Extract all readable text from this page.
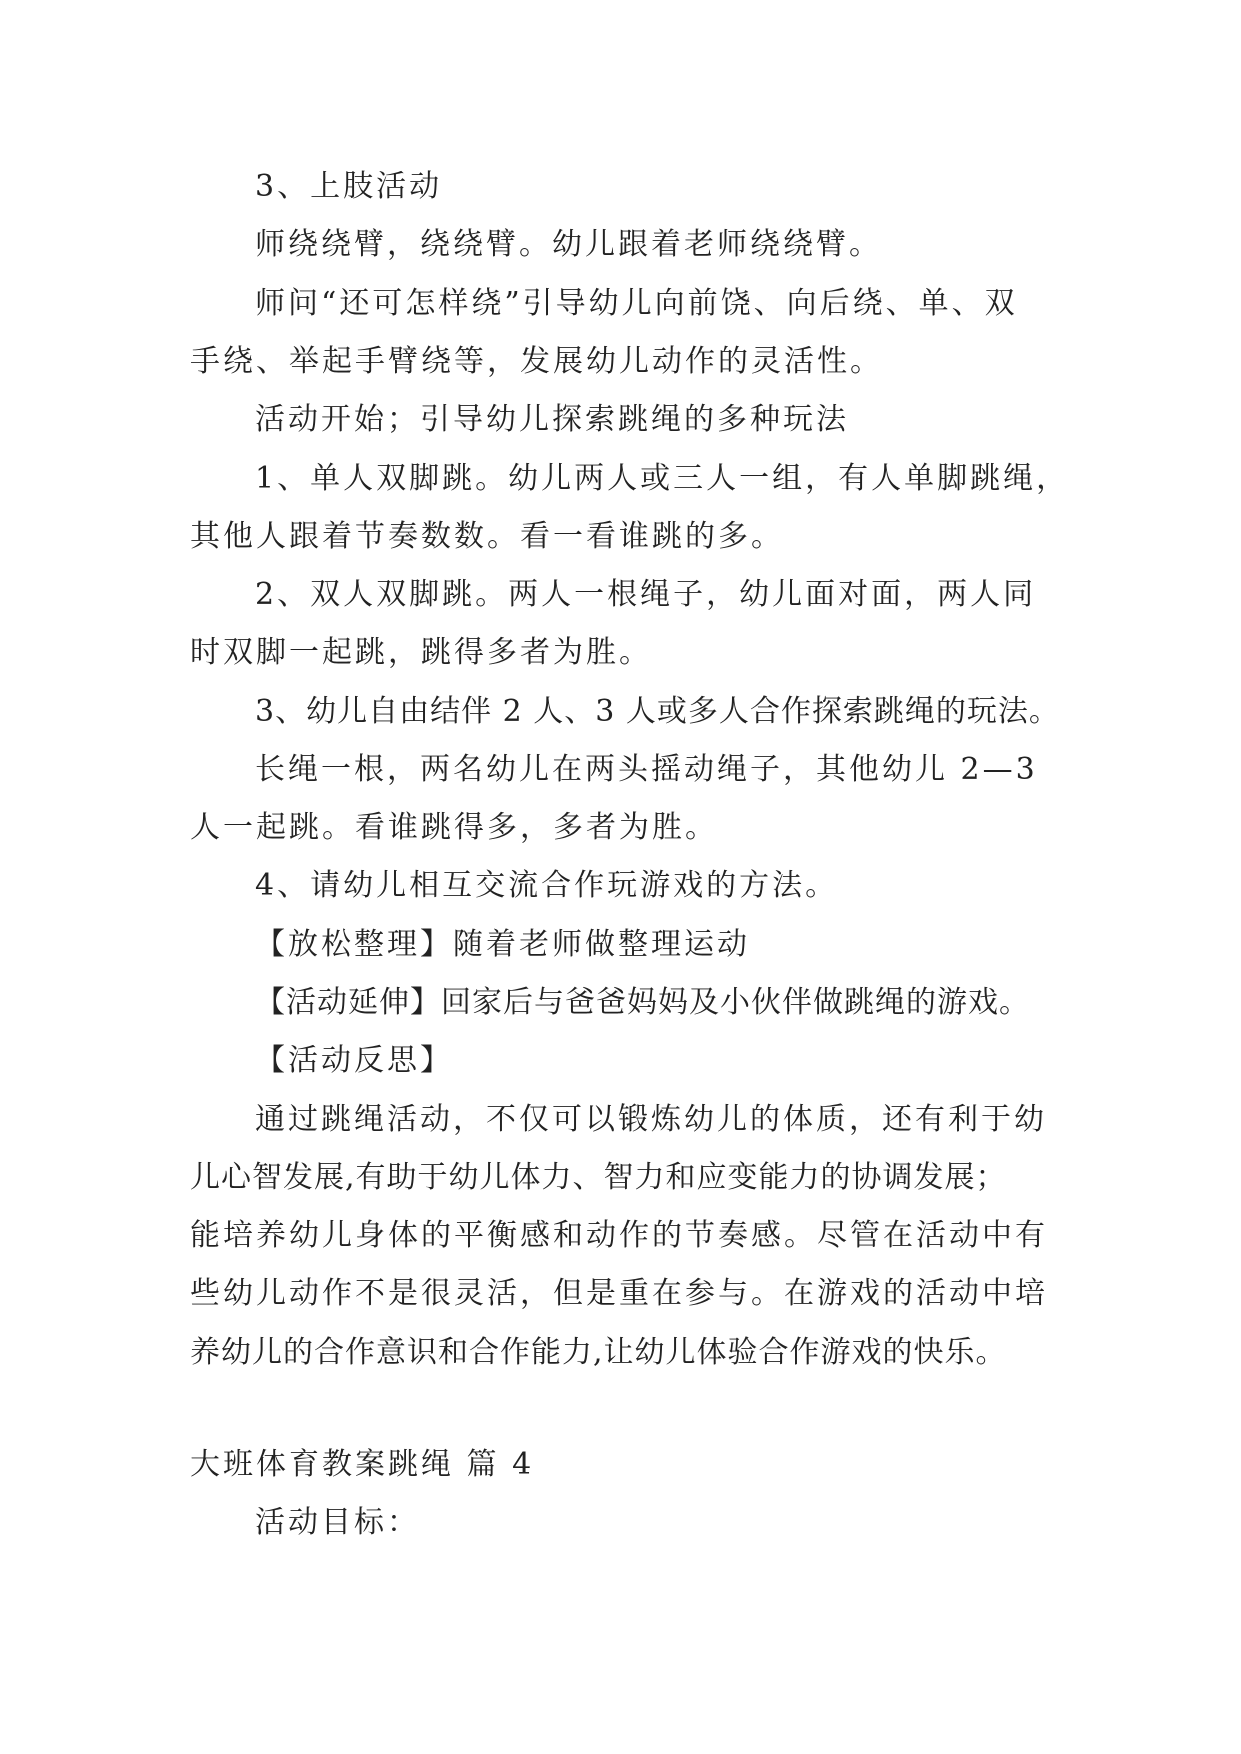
3、上肢活动
师绕绕臂，绕绕臂。幼儿跟着老师绕绕臂。
师问“还可怎样绕”引导幼儿向前饶、向后绕、单、双
手绕、举起手臂绕等，发展幼儿动作的灵活性。
活动开始；引导幼儿探索跳绳的多种玩法
1、单人双脚跳。幼儿两人或三人一组，有人单脚跳绳，
其他人跟着节奏数数。看一看谁跳的多。
2、双人双脚跳。两人一根绳子，幼儿面对面，两人同
时双脚一起跳，跳得多者为胜。
3、幼儿自由结伴 2 人、3 人或多人合作探索跳绳的玩法。
长绳一根，两名幼儿在两头摇动绳子，其他幼儿 2—3
人一起跳。看谁跳得多，多者为胜。
4、请幼儿相互交流合作玩游戏的方法。
【放松整理】随着老师做整理运动
【活动延伸】回家后与爸爸妈妈及小伙伴做跳绳的游戏。
【活动反思】
通过跳绳活动，不仅可以锻炼幼儿的体质，还有利于幼
儿心智发展,有助于幼儿体力、智力和应变能力的协调发展；
能培养幼儿身体的平衡感和动作的节奏感。尽管在活动中有
些幼儿动作不是很灵活，但是重在参与。在游戏的活动中培
养幼儿的合作意识和合作能力,让幼儿体验合作游戏的快乐。
大班体育教案跳绳 篇 4
活动目标：
